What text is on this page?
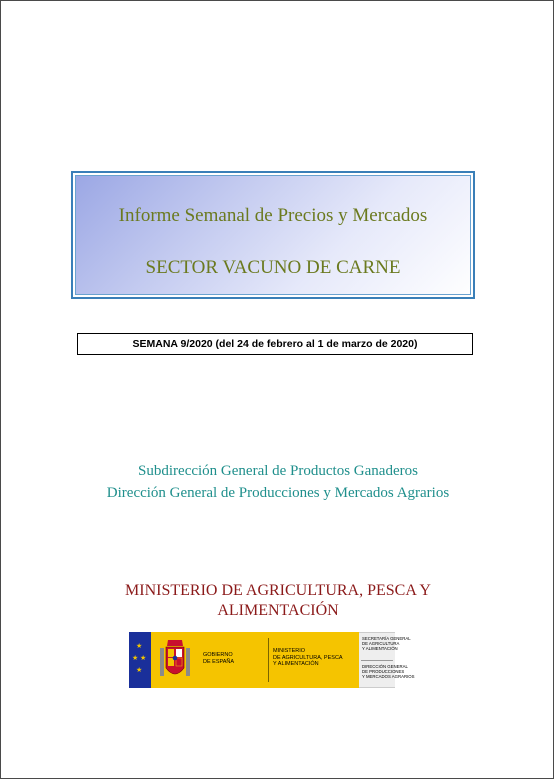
Informe Semanal de Precios y Mercados
SECTOR VACUNO DE CARNE
SEMANA 9/2020 (del 24 de febrero al 1 de marzo de 2020)
Subdirección General de Productos Ganaderos
Dirección General de Producciones y Mercados Agrarios
MINISTERIO DE AGRICULTURA, PESCA Y
ALIMENTACIÓN
★
★ ★
★
GOBIERNO
DE ESPAÑA
MINISTERIO
DE AGRICULTURA, PESCA
Y ALIMENTACIÓN
SECRETARÍA GENERAL
DE AGRICULTURA
Y ALIMENTACIÓN
DIRECCIÓN GENERAL
DE PRODUCCIONES
Y MERCADOS AGRARIOS
